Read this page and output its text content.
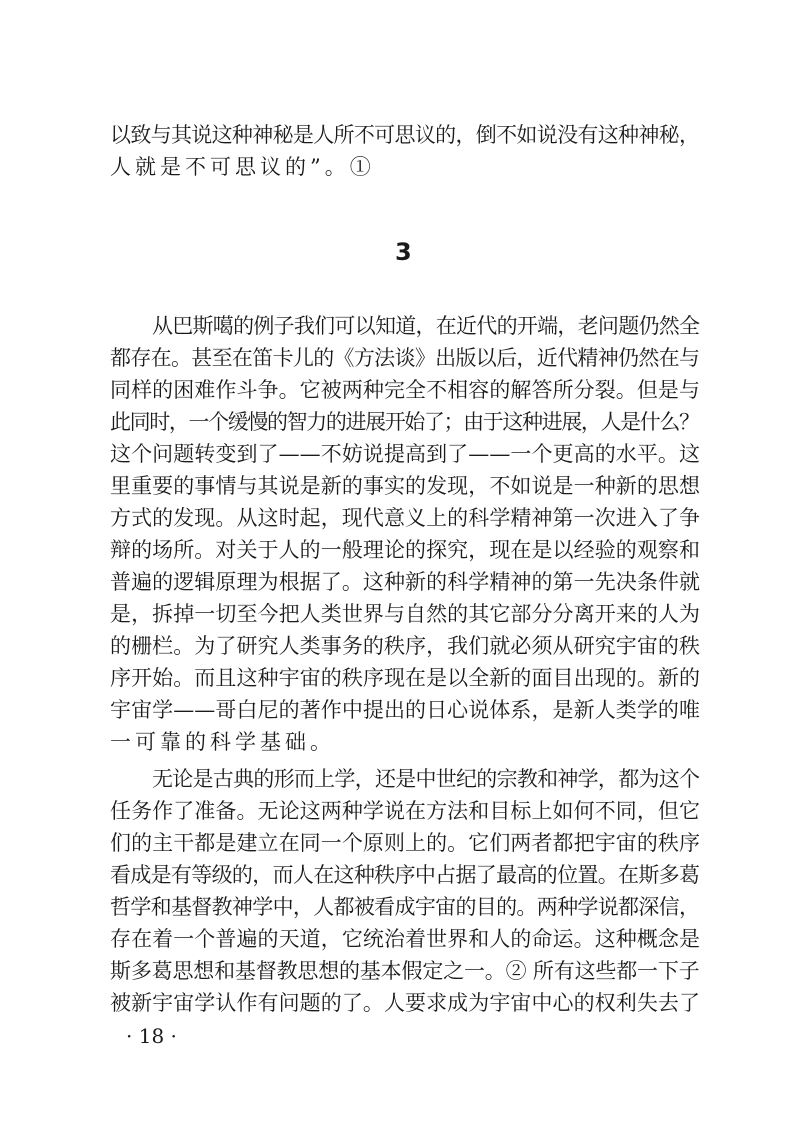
以致与其说这种神秘是人所不可思议的，倒不如说没有这种神秘，
人就是不可思议的”。①
3
从巴斯噶的例子我们可以知道，在近代的开端，老问题仍然全
都存在。甚至在笛卡儿的《方法谈》出版以后，近代精神仍然在与
同样的困难作斗争。它被两种完全不相容的解答所分裂。但是与
此同时，一个缓慢的智力的进展开始了；由于这种进展，人是什么？
这个问题转变到了——不妨说提高到了——一个更高的水平。这
里重要的事情与其说是新的事实的发现，不如说是一种新的思想
方式的发现。从这时起，现代意义上的科学精神第一次进入了争
辩的场所。对关于人的一般理论的探究，现在是以经验的观察和
普遍的逻辑原理为根据了。这种新的科学精神的第一先决条件就
是，拆掉一切至今把人类世界与自然的其它部分分离开来的人为
的栅栏。为了研究人类事务的秩序，我们就必须从研究宇宙的秩
序开始。而且这种宇宙的秩序现在是以全新的面目出现的。新的
宇宙学——哥白尼的著作中提出的日心说体系，是新人类学的唯
一可靠的科学基础。
无论是古典的形而上学，还是中世纪的宗教和神学，都为这个
任务作了准备。无论这两种学说在方法和目标上如何不同，但它
们的主干都是建立在同一个原则上的。它们两者都把宇宙的秩序
看成是有等级的，而人在这种秩序中占据了最高的位置。在斯多葛
哲学和基督教神学中，人都被看成宇宙的目的。两种学说都深信，
存在着一个普遍的天道，它统治着世界和人的命运。这种概念是
斯多葛思想和基督教思想的基本假定之一。② 所有这些都一下子
被新宇宙学认作有问题的了。人要求成为宇宙中心的权利失去了
· 18 ·
